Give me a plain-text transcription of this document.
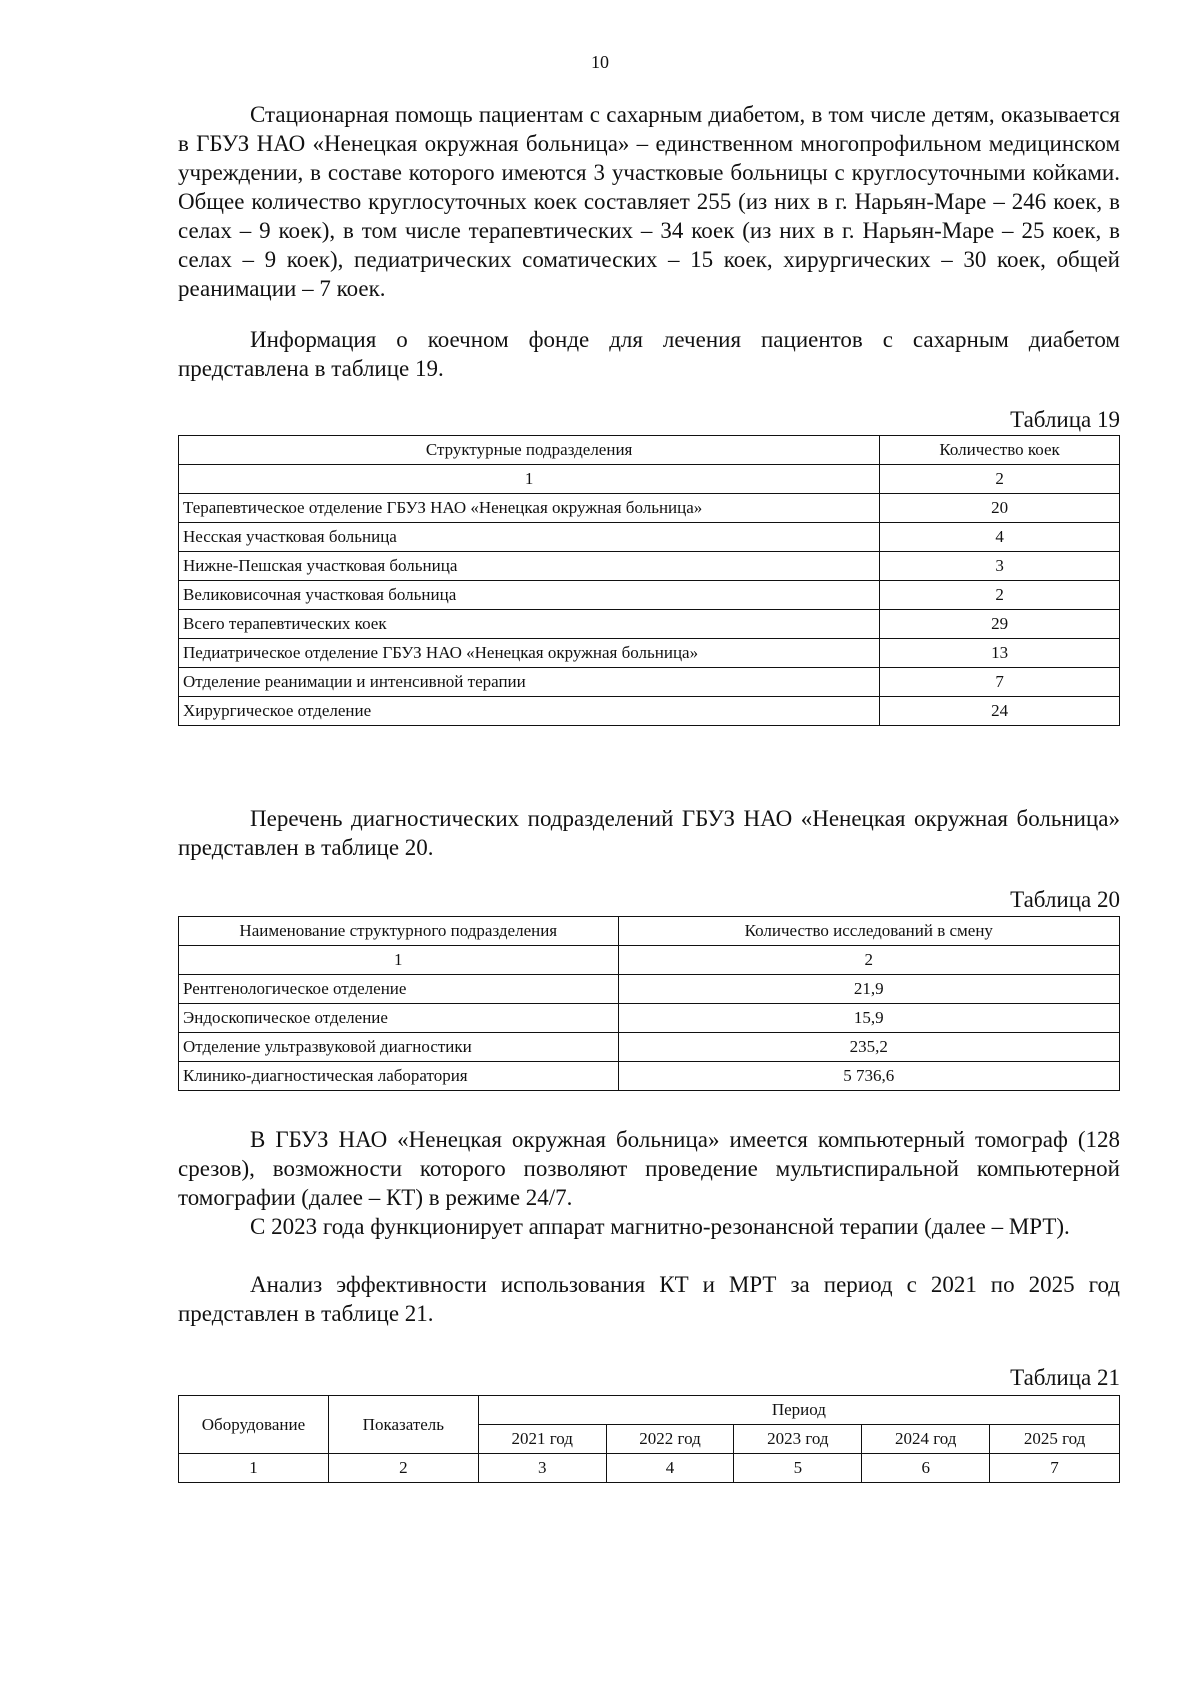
10

Стационарная помощь пациентам с сахарным диабетом, в том числе детям, оказывается в ГБУЗ НАО «Ненецкая окружная больница» – единственном многопрофильном медицинском учреждении, в составе которого имеются 3 участковые больницы с круглосуточными койками. Общее количество круглосуточных коек составляет 255 (из них в г. Нарьян-Маре – 246 коек, в селах – 9 коек), в том числе терапевтических – 34 коек (из них в г. Нарьян-Маре – 25 коек, в селах – 9 коек), педиатрических соматических – 15 коек, хирургических – 30 коек, общей реанимации – 7 коек.

Информация о коечном фонде для лечения пациентов с сахарным диабетом представлена в таблице 19.

Таблица 19
Структурные подразделения	Количество коек
1	2
Терапевтическое отделение ГБУЗ НАО «Ненецкая окружная больница»	20
Несская участковая больница	4
Нижне-Пешская участковая больница	3
Великовисочная участковая больница	2
Всего терапевтических коек	29
Педиатрическое отделение ГБУЗ НАО «Ненецкая окружная больница»	13
Отделение реанимации и интенсивной терапии	7
Хирургическое отделение	24

Перечень диагностических подразделений ГБУЗ НАО «Ненецкая окружная больница» представлен в таблице 20.

Таблица 20
Наименование структурного подразделения	Количество исследований в смену
1	2
Рентгенологическое отделение	21,9
Эндоскопическое отделение	15,9
Отделение ультразвуковой диагностики	235,2
Клинико-диагностическая лаборатория	5 736,6

В ГБУЗ НАО «Ненецкая окружная больница» имеется компьютерный томограф (128 срезов), возможности которого позволяют проведение мультиспиральной компьютерной томографии (далее – КТ) в режиме 24/7.

С 2023 года функционирует аппарат магнитно-резонансной терапии (далее – МРТ).

Анализ эффективности использования КТ и МРТ за период с 2021 по 2025 год представлен в таблице 21.

Таблица 21
Оборудование	Показатель	Период				
		2021 год	2022 год	2023 год	2024 год	2025 год
1	2	3	4	5	6	7
